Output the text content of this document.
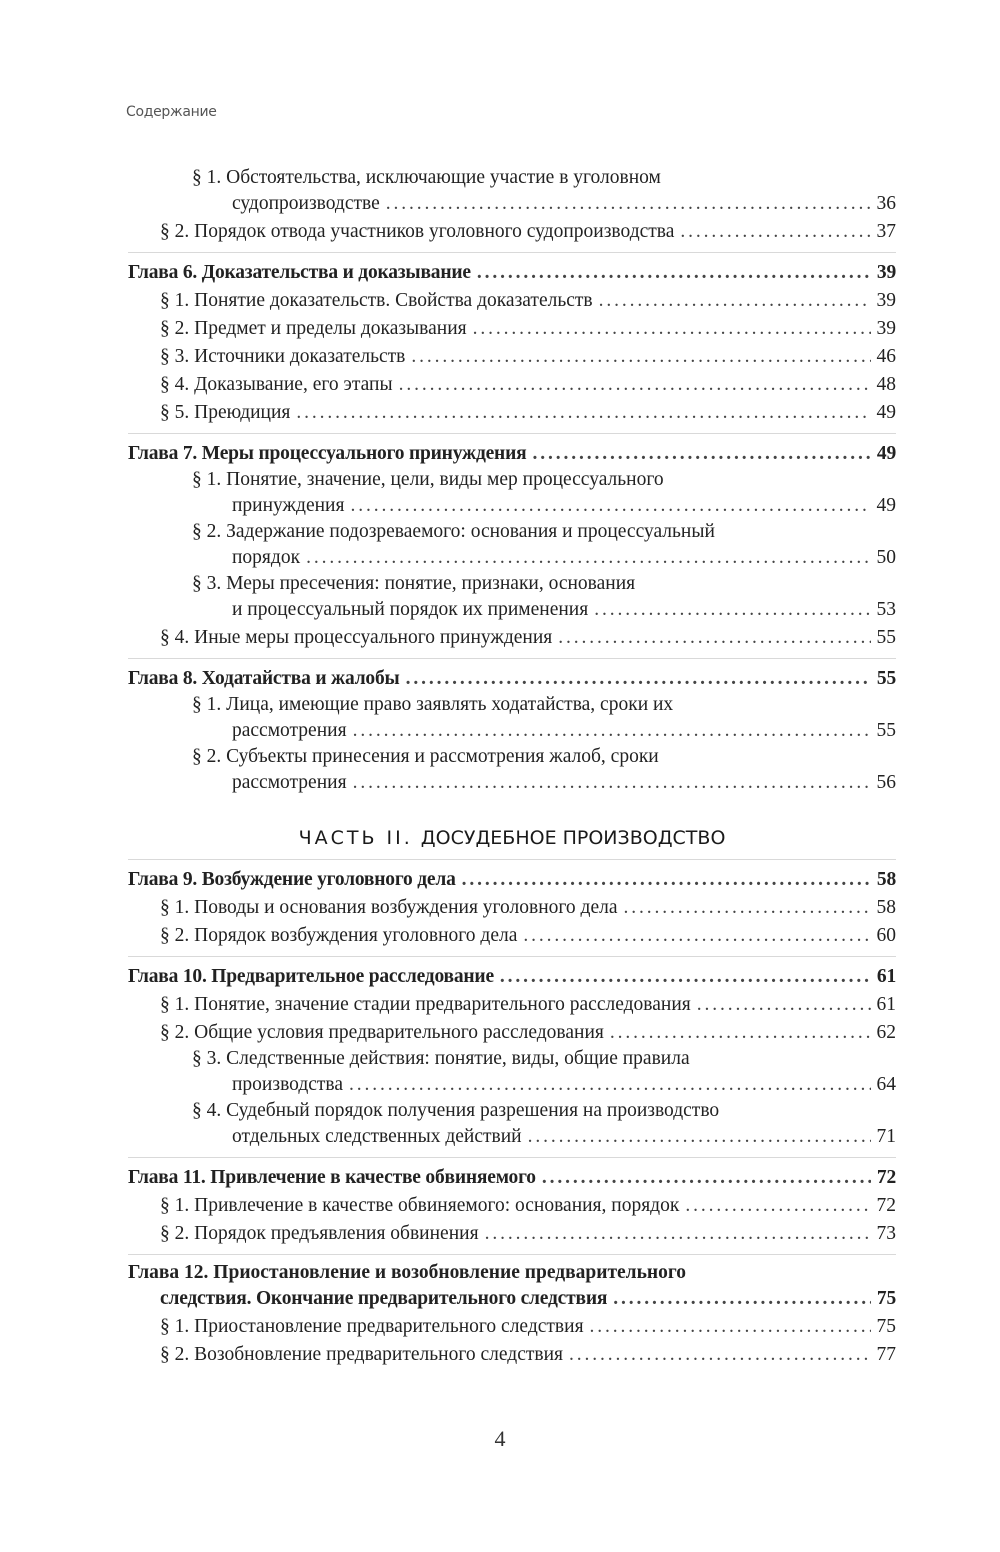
Содержание
§ 1. Обстоятельства, исключающие участие в уголовном
судопроизводстве . . .	36
§ 2. Порядок отвода участников уголовного судопроизводства . . .	37
Глава 6. Доказательства и доказывание . . .	39
§ 1. Понятие доказательств. Свойства доказательств . . .	39
§ 2. Предмет и пределы доказывания . . .	39
§ 3. Источники доказательств . . .	46
§ 4. Доказывание, его этапы . . .	48
§ 5. Преюдиция . . .	49
Глава 7. Меры процессуального принуждения . . .	49
§ 1. Понятие, значение, цели, виды мер процессуального
принуждения . . .	49
§ 2. Задержание подозреваемого: основания и процессуальный
порядок . . .	50
§ 3. Меры пресечения: понятие, признаки, основания
и процессуальный порядок их применения . . .	53
§ 4. Иные меры процессуального принуждения . . .	55
Глава 8. Ходатайства и жалобы . . .	55
§ 1. Лица, имеющие право заявлять ходатайства, сроки их
рассмотрения . . .	55
§ 2. Субъекты принесения и рассмотрения жалоб, сроки
рассмотрения . . .	56
ЧАСТЬ II. ДОСУДЕБНОЕ ПРОИЗВОДСТВО
Глава 9. Возбуждение уголовного дела . . .	58
§ 1. Поводы и основания возбуждения уголовного дела . . .	58
§ 2. Порядок возбуждения уголовного дела . . .	60
Глава 10. Предварительное расследование . . .	61
§ 1. Понятие, значение стадии предварительного расследования . . .	61
§ 2. Общие условия предварительного расследования . . .	62
§ 3. Следственные действия: понятие, виды, общие правила
производства . . .	64
§ 4. Судебный порядок получения разрешения на производство
отдельных следственных действий . . .	71
Глава 11. Привлечение в качестве обвиняемого . . .	72
§ 1. Привлечение в качестве обвиняемого: основания, порядок . . .	72
§ 2. Порядок предъявления обвинения . . .	73
Глава 12. Приостановление и возобновление предварительного
следствия. Окончание предварительного следствия . . .	75
§ 1. Приостановление предварительного следствия . . .	75
§ 2. Возобновление предварительного следствия . . .	77
4
